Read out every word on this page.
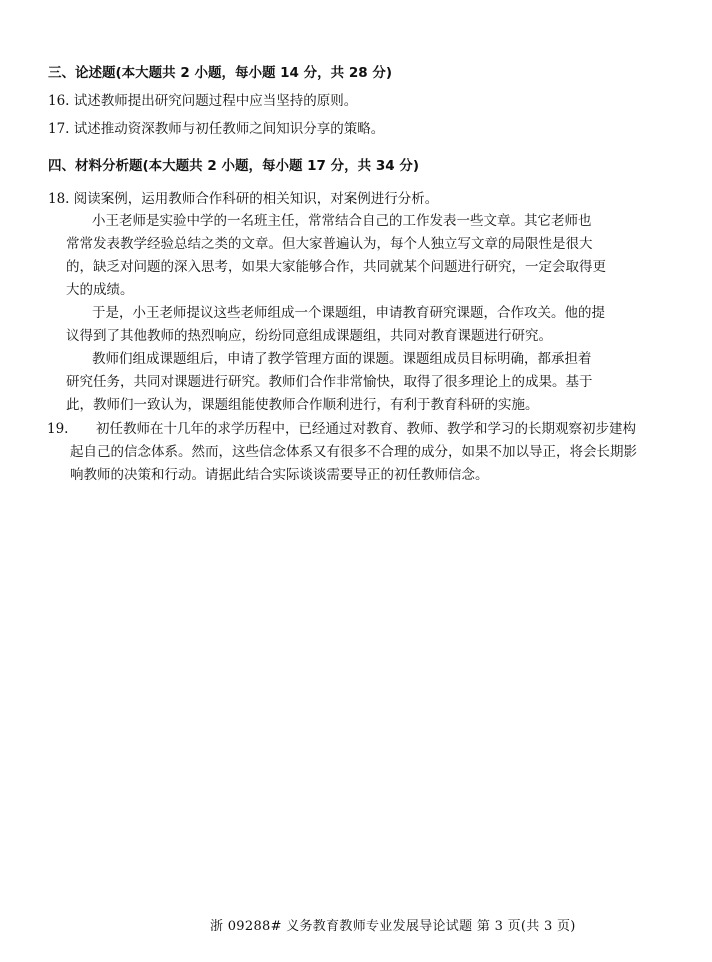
三、论述题(本大题共 2 小题，每小题 14 分，共 28 分)
16. 试述教师提出研究问题过程中应当坚持的原则。
17. 试述推动资深教师与初任教师之间知识分享的策略。
四、材料分析题(本大题共 2 小题，每小题 17 分，共 34 分)
18. 阅读案例，运用教师合作科研的相关知识，对案例进行分析。
小王老师是实验中学的一名班主任，常常结合自己的工作发表一些文章。其它老师也
常常发表教学经验总结之类的文章。但大家普遍认为，每个人独立写文章的局限性是很大
的，缺乏对问题的深入思考，如果大家能够合作，共同就某个问题进行研究，一定会取得更
大的成绩。
于是，小王老师提议这些老师组成一个课题组，申请教育研究课题，合作攻关。他的提
议得到了其他教师的热烈响应，纷纷同意组成课题组，共同对教育课题进行研究。
教师们组成课题组后，申请了教学管理方面的课题。课题组成员目标明确，都承担着
研究任务，共同对课题进行研究。教师们合作非常愉快，取得了很多理论上的成果。基于
此，教师们一致认为，课题组能使教师合作顺利进行，有利于教育科研的实施。
19. 初任教师在十几年的求学历程中，已经通过对教育、教师、教学和学习的长期观察初步建构
起自己的信念体系。然而，这些信念体系又有很多不合理的成分，如果不加以导正，将会长期影
响教师的决策和行动。请据此结合实际谈谈需要导正的初任教师信念。
浙 09288# 义务教育教师专业发展导论试题 第 3 页(共 3 页)
